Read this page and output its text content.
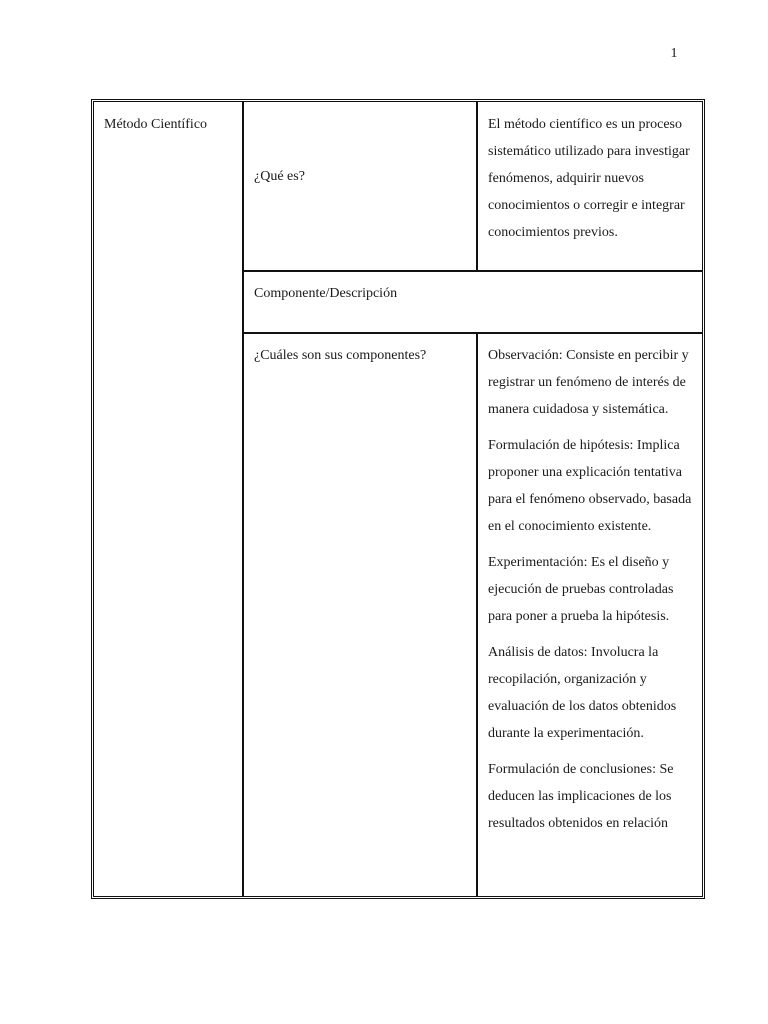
1
Método Científico
¿Qué es?
El método científico es un proceso sistemático utilizado para investigar fenómenos, adquirir nuevos conocimientos o corregir e integrar conocimientos previos.
Componente/Descripción
¿Cuáles son sus componentes?	Observación: Consiste en percibir y registrar un fenómeno de interés de manera cuidadosa y sistemática.

Formulación de hipótesis: Implica proponer una explicación tentativa para el fenómeno observado, basada en el conocimiento existente.

Experimentación: Es el diseño y ejecución de pruebas controladas para poner a prueba la hipótesis.

Análisis de datos: Involucra la recopilación, organización y evaluación de los datos obtenidos durante la experimentación.

Formulación de conclusiones: Se deducen las implicaciones de los resultados obtenidos en relación
